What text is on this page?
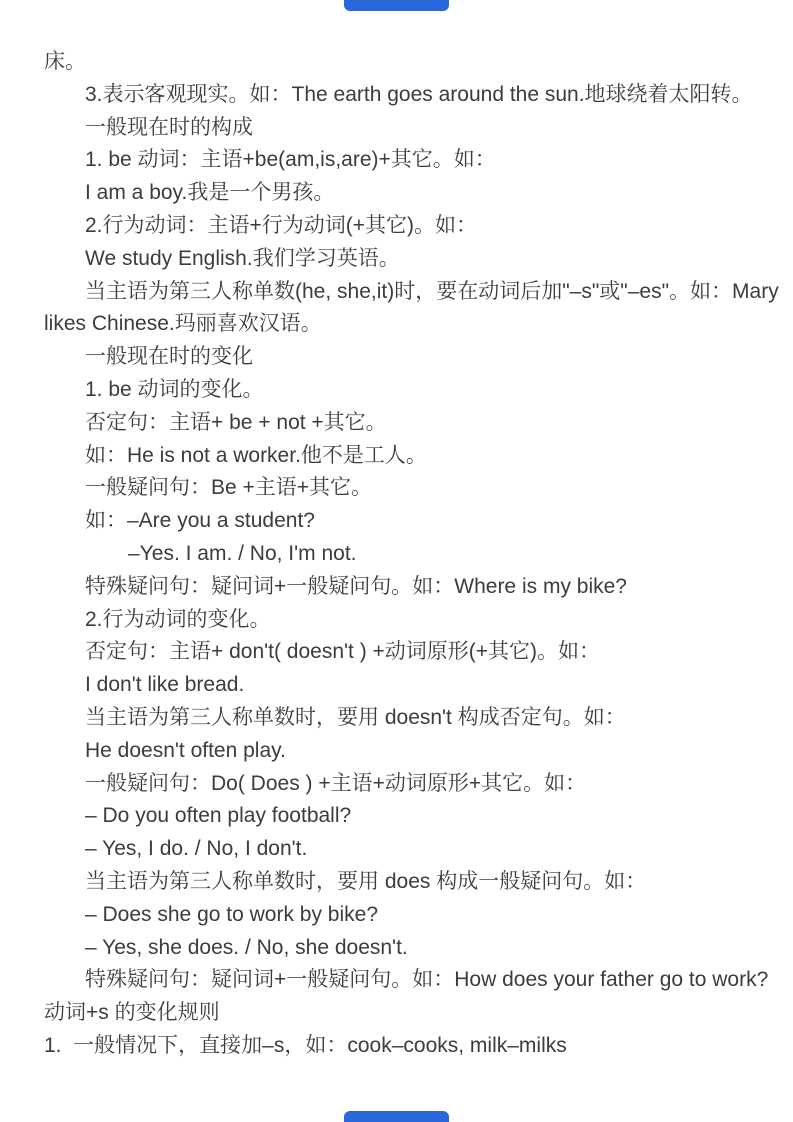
床。
3.表示客观现实。如：The earth goes around the sun.地球绕着太阳转。
一般现在时的构成
1. be 动词：主语+be(am,is,are)+其它。如：
I am a boy.我是一个男孩。
2.行为动词：主语+行为动词(+其它)。如：
We study English.我们学习英语。
当主语为第三人称单数(he, she,it)时，要在动词后加"–s"或"–es"。如：Mary
likes Chinese.玛丽喜欢汉语。
一般现在时的变化
1. be 动词的变化。
否定句：主语+ be + not +其它。
如：He is not a worker.他不是工人。
一般疑问句：Be +主语+其它。
如：–Are you a student?
–Yes. I am. / No, I'm not.
特殊疑问句：疑问词+一般疑问句。如：Where is my bike?
2.行为动词的变化。
否定句：主语+ don't( doesn't ) +动词原形(+其它)。如：
I don't like bread.
当主语为第三人称单数时，要用 doesn't 构成否定句。如：
He doesn't often play.
一般疑问句：Do( Does ) +主语+动词原形+其它。如：
– Do you often play football?
– Yes, I do. / No, I don't.
当主语为第三人称单数时，要用 does 构成一般疑问句。如：
– Does she go to work by bike?
– Yes, she does. / No, she doesn't.
特殊疑问句：疑问词+一般疑问句。如：How does your father go to work?
动词+s 的变化规则
1.  一般情况下，直接加–s，如：cook–cooks, milk–milks
